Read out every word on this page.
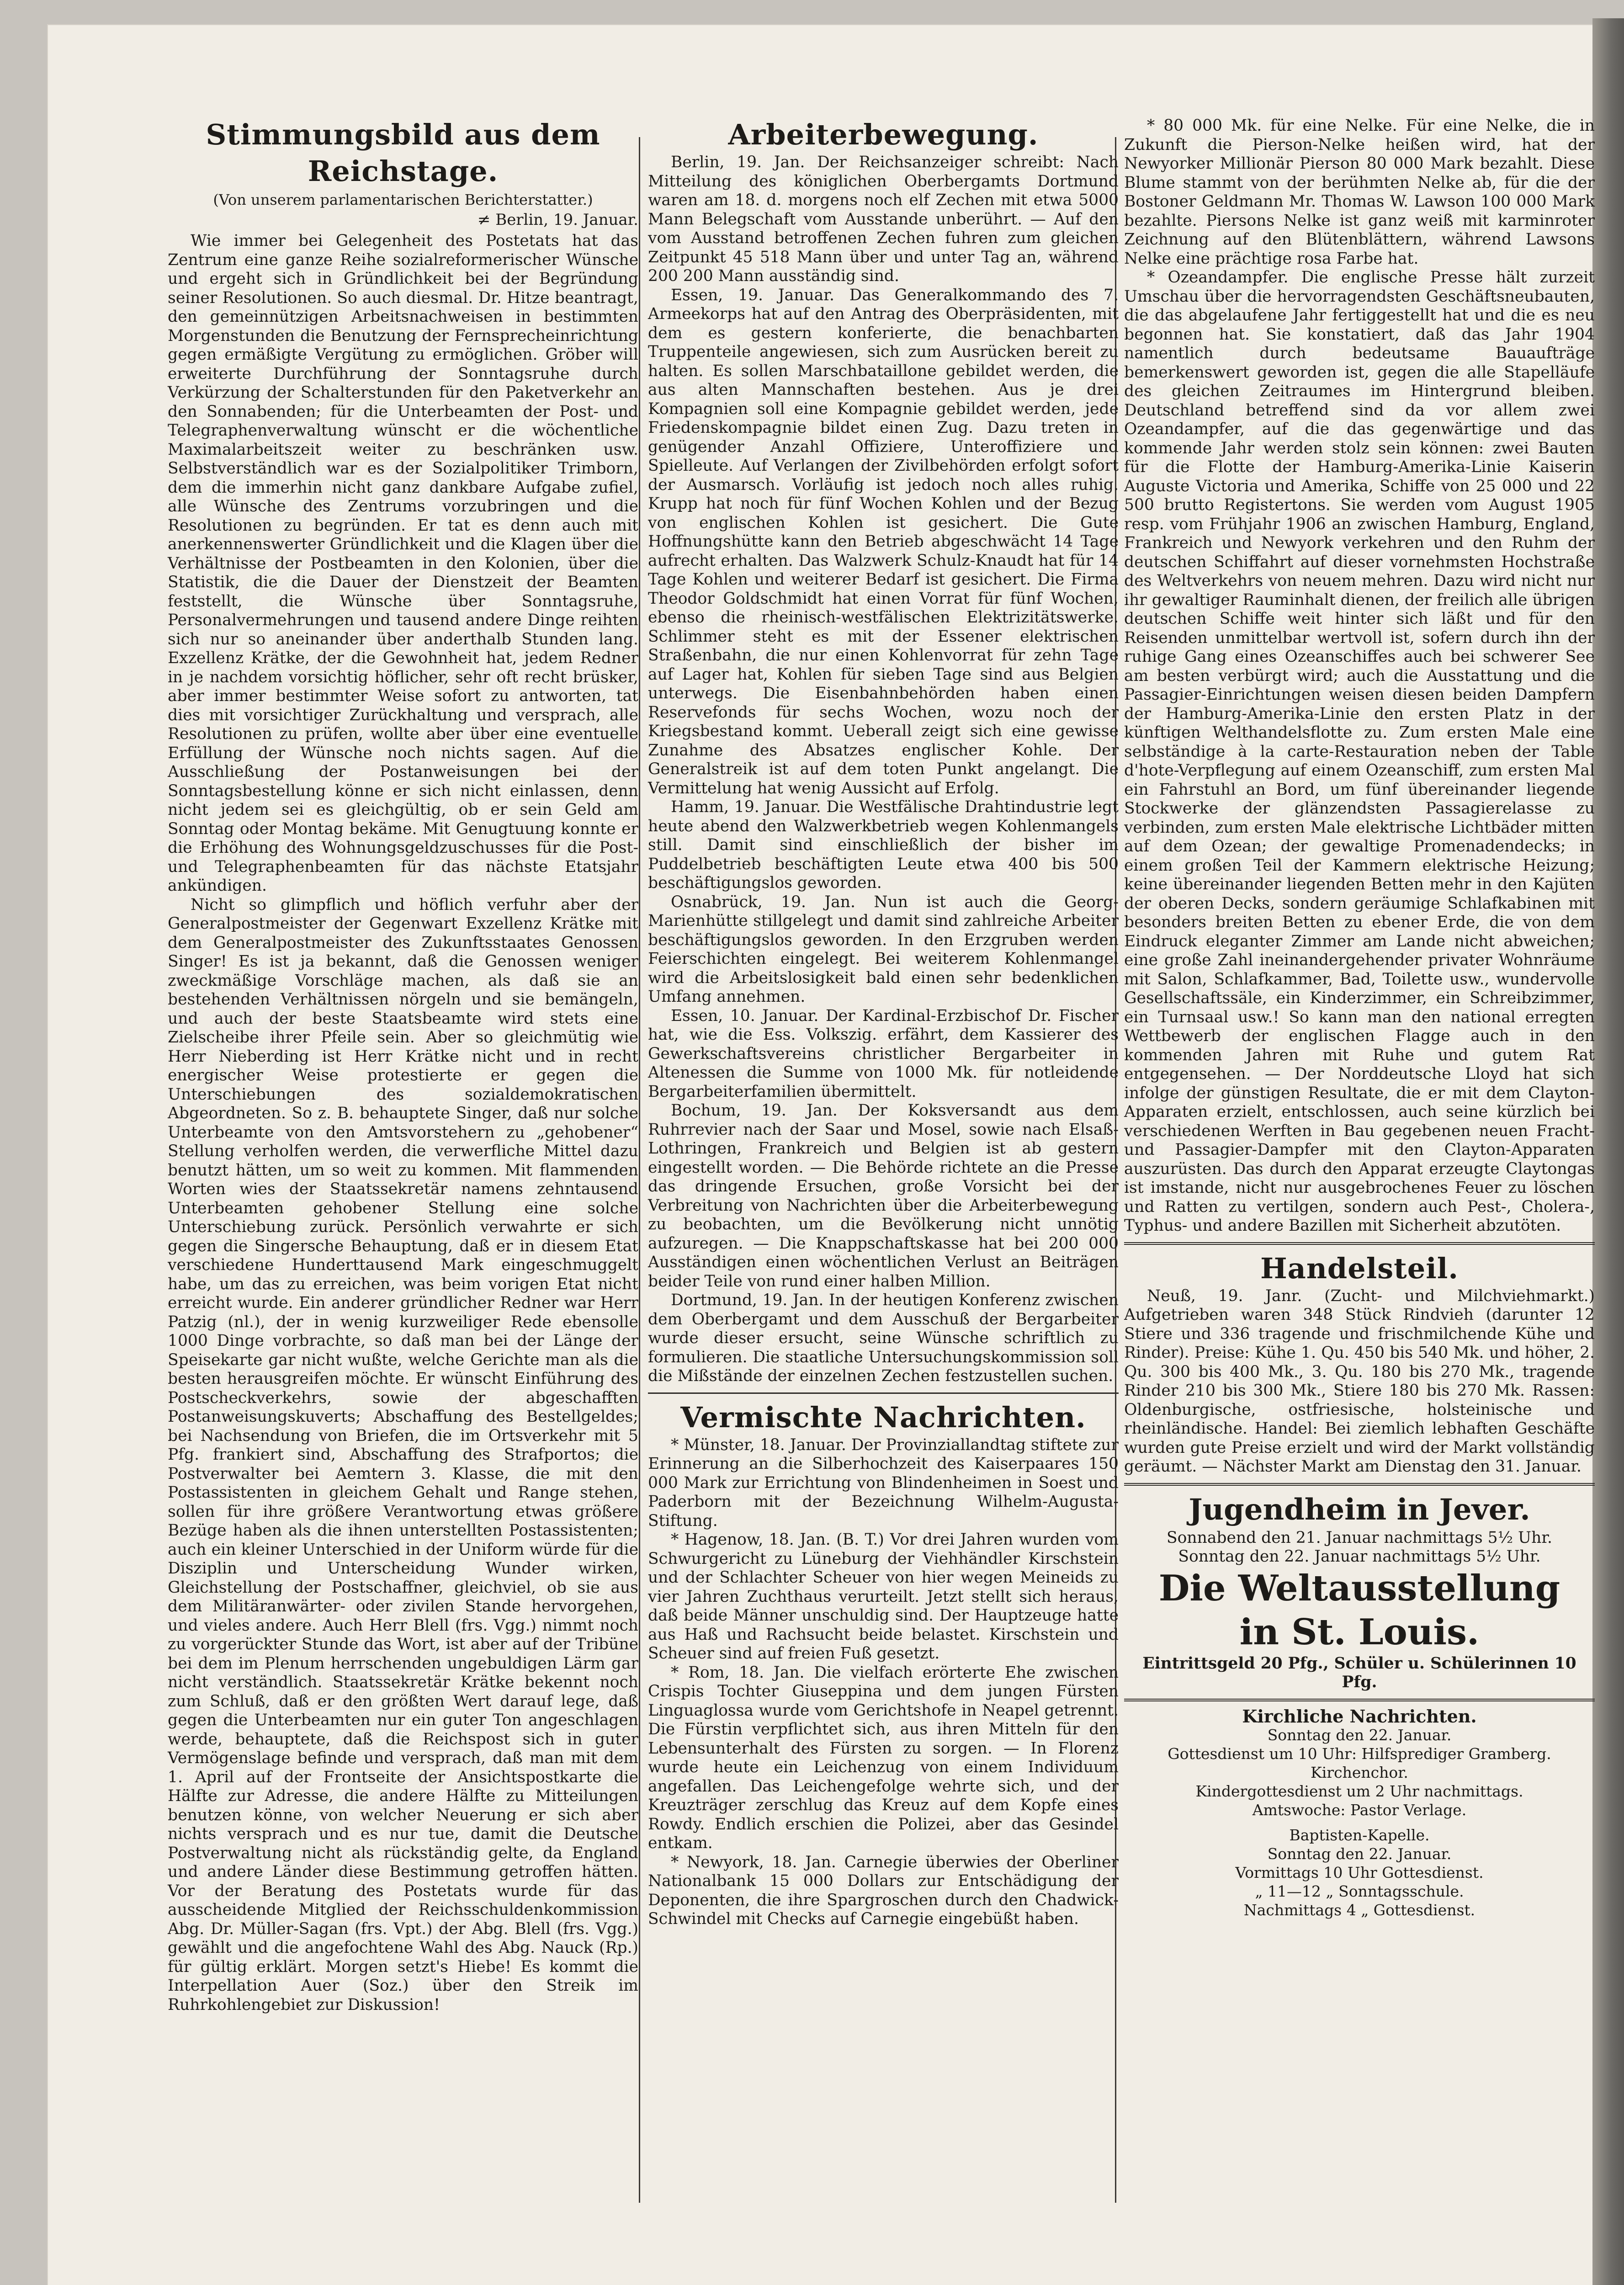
Stimmungsbild aus dem Reichstage.
(Von unserem parlamentarischen Berichterstatter.)
≠ Berlin, 19. Januar.

Wie immer bei Gelegenheit des Postetats hat das Zentrum eine ganze Reihe sozialreformerischer Wünsche und ergeht sich in Gründlichkeit bei der Begründung seiner Resolutionen. So auch diesmal. Dr. Hitze beantragt, den gemeinnützigen Arbeitsnachweisen in bestimmten Morgenstunden die Benutzung der Fernsprecheinrichtung gegen ermäßigte Vergütung zu ermöglichen. Gröber will erweiterte Durchführung der Sonntagsruhe durch Verkürzung der Schalterstunden für den Paketverkehr an den Sonnabenden; für die Unterbeamten der Post- und Telegraphenverwaltung wünscht er die wöchentliche Maximalarbeitszeit weiter zu beschränken usw. Selbstverständlich war es der Sozialpolitiker Trimborn, dem die immerhin nicht ganz dankbare Aufgabe zufiel, alle Wünsche des Zentrums vorzubringen und die Resolutionen zu begründen. Er tat es denn auch mit anerkennenswerter Gründlichkeit und die Klagen über die Verhältnisse der Postbeamten in den Kolonien, über die Statistik, die die Dauer der Dienstzeit der Beamten feststellt, die Wünsche über Sonntagsruhe, Personalvermehrungen und tausend andere Dinge reihten sich nur so aneinander über anderthalb Stunden lang. Exzellenz Krätke, der die Gewohnheit hat, jedem Redner in je nachdem vorsichtig höflicher, sehr oft recht brüsker, aber immer bestimmter Weise sofort zu antworten, tat dies mit vorsichtiger Zurückhaltung und versprach, alle Resolutionen zu prüfen, wollte aber über eine eventuelle Erfüllung der Wünsche noch nichts sagen. Auf die Ausschließung der Postanweisungen bei der Sonntagsbestellung könne er sich nicht einlassen, denn nicht jedem sei es gleichgültig, ob er sein Geld am Sonntag oder Montag bekäme. Mit Genugtuung konnte er die Erhöhung des Wohnungsgeldzuschusses für die Post- und Telegraphenbeamten für das nächste Etatsjahr ankündigen.

Nicht so glimpflich und höflich verfuhr aber der Generalpostmeister der Gegenwart Exzellenz Krätke mit dem Generalpostmeister des Zukunftsstaates Genossen Singer! Es ist ja bekannt, daß die Genossen weniger zweckmäßige Vorschläge machen, als daß sie an bestehenden Verhältnissen nörgeln und sie bemängeln, und auch der beste Staatsbeamte wird stets eine Zielscheibe ihrer Pfeile sein. Aber so gleichmütig wie Herr Nieberding ist Herr Krätke nicht und in recht energischer Weise protestierte er gegen die Unterschiebungen des sozialdemokratischen Abgeordneten. So z. B. behauptete Singer, daß nur solche Unterbeamte von den Amtsvorstehern zu „gehobener“ Stellung verholfen werden, die verwerfliche Mittel dazu benutzt hätten, um so weit zu kommen. Mit flammenden Worten wies der Staatssekretär namens zehntausend Unterbeamten gehobener Stellung eine solche Unterschiebung zurück. Persönlich verwahrte er sich gegen die Singersche Behauptung, daß er in diesem Etat verschiedene Hunderttausend Mark eingeschmuggelt habe, um das zu erreichen, was beim vorigen Etat nicht erreicht wurde. Ein anderer gründlicher Redner war Herr Patzig (nl.), der in wenig kurzweiliger Rede ebensolle 1000 Dinge vorbrachte, so daß man bei der Länge der Speisekarte gar nicht wußte, welche Gerichte man als die besten herausgreifen möchte. Er wünscht Einführung des Postscheckverkehrs, sowie der abgeschafften Postanweisungskuverts; Abschaffung des Bestellgeldes; bei Nachsendung von Briefen, die im Ortsverkehr mit 5 Pfg. frankiert sind, Abschaffung des Strafportos; die Postverwalter bei Aemtern 3. Klasse, die mit den Postassistenten in gleichem Gehalt und Range stehen, sollen für ihre größere Verantwortung etwas größere Bezüge haben als die ihnen unterstellten Postassistenten; auch ein kleiner Unterschied in der Uniform würde für die Disziplin und Unterscheidung Wunder wirken, Gleichstellung der Postschaffner, gleichviel, ob sie aus dem Militäranwärter- oder zivilen Stande hervorgehen, und vieles andere. Auch Herr Blell (frs. Vgg.) nimmt noch zu vorgerückter Stunde das Wort, ist aber auf der Tribüne bei dem im Plenum herrschenden ungebuldigen Lärm gar nicht verständlich. Staatssekretär Krätke bekennt noch zum Schluß, daß er den größten Wert darauf lege, daß gegen die Unterbeamten nur ein guter Ton angeschlagen werde, behauptete, daß die Reichspost sich in guter Vermögenslage befinde und versprach, daß man mit dem 1. April auf der Frontseite der Ansichtspostkarte die Hälfte zur Adresse, die andere Hälfte zu Mitteilungen benutzen könne, von welcher Neuerung er sich aber nichts versprach und es nur tue, damit die Deutsche Postverwaltung nicht als rückständig gelte, da England und andere Länder diese Bestimmung getroffen hätten. Vor der Beratung des Postetats wurde für das ausscheidende Mitglied der Reichsschuldenkommission Abg. Dr. Müller-Sagan (frs. Vpt.) der Abg. Blell (frs. Vgg.) gewählt und die angefochtene Wahl des Abg. Nauck (Rp.) für gültig erklärt. Morgen setzt's Hiebe! Es kommt die Interpellation Auer (Soz.) über den Streik im Ruhrkohlengebiet zur Diskussion!

Arbeiterbewegung.

Berlin, 19. Jan. Der Reichsanzeiger schreibt: Nach Mitteilung des königlichen Oberbergamts Dortmund waren am 18. d. morgens noch elf Zechen mit etwa 5000 Mann Belegschaft vom Ausstande unberührt. — Auf den vom Ausstand betroffenen Zechen fuhren zum gleichen Zeitpunkt 45 518 Mann über und unter Tag an, während 200 200 Mann ausständig sind.

Essen, 19. Januar. Das Generalkommando des 7. Armeekorps hat auf den Antrag des Oberpräsidenten, mit dem es gestern konferierte, die benachbarten Truppenteile angewiesen, sich zum Ausrücken bereit zu halten. Es sollen Marschbataillone gebildet werden, die aus alten Mannschaften bestehen. Aus je drei Kompagnien soll eine Kompagnie gebildet werden, jede Friedenskompagnie bildet einen Zug. Dazu treten in genügender Anzahl Offiziere, Unteroffiziere und Spielleute. Auf Verlangen der Zivilbehörden erfolgt sofort der Ausmarsch. Vorläufig ist jedoch noch alles ruhig. Krupp hat noch für fünf Wochen Kohlen und der Bezug von englischen Kohlen ist gesichert. Die Gute Hoffnungshütte kann den Betrieb abgeschwächt 14 Tage aufrecht erhalten. Das Walzwerk Schulz-Knaudt hat für 14 Tage Kohlen und weiterer Bedarf ist gesichert. Die Firma Theodor Goldschmidt hat einen Vorrat für fünf Wochen, ebenso die rheinisch-westfälischen Elektrizitätswerke. Schlimmer steht es mit der Essener elektrischen Straßenbahn, die nur einen Kohlenvorrat für zehn Tage auf Lager hat, Kohlen für sieben Tage sind aus Belgien unterwegs. Die Eisenbahnbehörden haben einen Reservefonds für sechs Wochen, wozu noch der Kriegsbestand kommt. Ueberall zeigt sich eine gewisse Zunahme des Absatzes englischer Kohle. Der Generalstreik ist auf dem toten Punkt angelangt. Die Vermittelung hat wenig Aussicht auf Erfolg.

Hamm, 19. Januar. Die Westfälische Drahtindustrie legt heute abend den Walzwerkbetrieb wegen Kohlenmangels still. Damit sind einschließlich der bisher im Puddelbetrieb beschäftigten Leute etwa 400 bis 500 beschäftigungslos geworden.

Osnabrück, 19. Jan. Nun ist auch die Georg-Marienhütte stillgelegt und damit sind zahlreiche Arbeiter beschäftigungslos geworden. In den Erzgruben werden Feierschichten eingelegt. Bei weiterem Kohlenmangel wird die Arbeitslosigkeit bald einen sehr bedenklichen Umfang annehmen.

Essen, 10. Januar. Der Kardinal-Erzbischof Dr. Fischer hat, wie die Ess. Volkszig. erfährt, dem Kassierer des Gewerkschaftsvereins christlicher Bergarbeiter in Altenessen die Summe von 1000 Mk. für notleidende Bergarbeiterfamilien übermittelt.

Bochum, 19. Jan. Der Koksversandt aus dem Ruhrrevier nach der Saar und Mosel, sowie nach Elsaß-Lothringen, Frankreich und Belgien ist ab gestern eingestellt worden. — Die Behörde richtete an die Presse das dringende Ersuchen, große Vorsicht bei der Verbreitung von Nachrichten über die Arbeiterbewegung zu beobachten, um die Bevölkerung nicht unnötig aufzuregen. — Die Knappschaftskasse hat bei 200 000 Ausständigen einen wöchentlichen Verlust an Beiträgen beider Teile von rund einer halben Million.

Dortmund, 19. Jan. In der heutigen Konferenz zwischen dem Oberbergamt und dem Ausschuß der Bergarbeiter wurde dieser ersucht, seine Wünsche schriftlich zu formulieren. Die staatliche Untersuchungskommission soll die Mißstände der einzelnen Zechen festzustellen suchen.

Vermischte Nachrichten.

* Münster, 18. Januar. Der Provinziallandtag stiftete zur Erinnerung an die Silberhochzeit des Kaiserpaares 150 000 Mark zur Errichtung von Blindenheimen in Soest und Paderborn mit der Bezeichnung Wilhelm-Augusta-Stiftung.

* Hagenow, 18. Jan. (B. T.) Vor drei Jahren wurden vom Schwurgericht zu Lüneburg der Viehhändler Kirschstein und der Schlachter Scheuer von hier wegen Meineids zu vier Jahren Zuchthaus verurteilt. Jetzt stellt sich heraus, daß beide Männer unschuldig sind. Der Hauptzeuge hatte aus Haß und Rachsucht beide belastet. Kirschstein und Scheuer sind auf freien Fuß gesetzt.

* Rom, 18. Jan. Die vielfach erörterte Ehe zwischen Crispis Tochter Giuseppina und dem jungen Fürsten Linguaglossa wurde vom Gerichtshofe in Neapel getrennt. Die Fürstin verpflichtet sich, aus ihren Mitteln für den Lebensunterhalt des Fürsten zu sorgen. — In Florenz wurde heute ein Leichenzug von einem Individuum angefallen. Das Leichengefolge wehrte sich, und der Kreuzträger zerschlug das Kreuz auf dem Kopfe eines Rowdy. Endlich erschien die Polizei, aber das Gesindel entkam.

* Newyork, 18. Jan. Carnegie überwies der Oberliner Nationalbank 15 000 Dollars zur Entschädigung der Deponenten, die ihre Spargroschen durch den Chadwick-Schwindel mit Checks auf Carnegie eingebüßt haben.

* 80 000 Mk. für eine Nelke. Für eine Nelke, die in Zukunft die Pierson-Nelke heißen wird, hat der Newyorker Millionär Pierson 80 000 Mark bezahlt. Diese Blume stammt von der berühmten Nelke ab, für die der Bostoner Geldmann Mr. Thomas W. Lawson 100 000 Mark bezahlte. Piersons Nelke ist ganz weiß mit karminroter Zeichnung auf den Blütenblättern, während Lawsons Nelke eine prächtige rosa Farbe hat.

* Ozeandampfer. Die englische Presse hält zurzeit Umschau über die hervorragendsten Geschäftsneubauten, die das abgelaufene Jahr fertiggestellt hat und die es neu begonnen hat. Sie konstatiert, daß das Jahr 1904 namentlich durch bedeutsame Bauaufträge bemerkenswert geworden ist, gegen die alle Stapelläufe des gleichen Zeitraumes im Hintergrund bleiben. Deutschland betreffend sind da vor allem zwei Ozeandampfer, auf die das gegenwärtige und das kommende Jahr werden stolz sein können: zwei Bauten für die Flotte der Hamburg-Amerika-Linie Kaiserin Auguste Victoria und Amerika, Schiffe von 25 000 und 22 500 brutto Registertons. Sie werden vom August 1905 resp. vom Frühjahr 1906 an zwischen Hamburg, England, Frankreich und Newyork verkehren und den Ruhm der deutschen Schiffahrt auf dieser vornehmsten Hochstraße des Weltverkehrs von neuem mehren. Dazu wird nicht nur ihr gewaltiger Rauminhalt dienen, der freilich alle übrigen deutschen Schiffe weit hinter sich läßt und für den Reisenden unmittelbar wertvoll ist, sofern durch ihn der ruhige Gang eines Ozeanschiffes auch bei schwerer See am besten verbürgt wird; auch die Ausstattung und die Passagier-Einrichtungen weisen diesen beiden Dampfern der Hamburg-Amerika-Linie den ersten Platz in der künftigen Welthandelsflotte zu. Zum ersten Male eine selbständige à la carte-Restauration neben der Table d'hote-Verpflegung auf einem Ozeanschiff, zum ersten Mal ein Fahrstuhl an Bord, um fünf übereinander liegende Stockwerke der glänzendsten Passagierelasse zu verbinden, zum ersten Male elektrische Lichtbäder mitten auf dem Ozean; der gewaltige Promenadendecks; in einem großen Teil der Kammern elektrische Heizung; keine übereinander liegenden Betten mehr in den Kajüten der oberen Decks, sondern geräumige Schlafkabinen mit besonders breiten Betten zu ebener Erde, die von dem Eindruck eleganter Zimmer am Lande nicht abweichen; eine große Zahl ineinandergehender privater Wohnräume mit Salon, Schlafkammer, Bad, Toilette usw., wundervolle Gesellschaftssäle, ein Kinderzimmer, ein Schreibzimmer, ein Turnsaal usw.! So kann man den national erregten Wettbewerb der englischen Flagge auch in den kommenden Jahren mit Ruhe und gutem Rat entgegensehen. — Der Norddeutsche Lloyd hat sich infolge der günstigen Resultate, die er mit dem Clayton-Apparaten erzielt, entschlossen, auch seine kürzlich bei verschiedenen Werften in Bau gegebenen neuen Fracht- und Passagier-Dampfer mit den Clayton-Apparaten auszurüsten. Das durch den Apparat erzeugte Claytongas ist imstande, nicht nur ausgebrochenes Feuer zu löschen und Ratten zu vertilgen, sondern auch Pest-, Cholera-, Typhus- und andere Bazillen mit Sicherheit abzutöten.

Handelsteil.

Neuß, 19. Janr. (Zucht- und Milchviehmarkt.) Aufgetrieben waren 348 Stück Rindvieh (darunter 12 Stiere und 336 tragende und frischmilchende Kühe und Rinder). Preise: Kühe 1. Qu. 450 bis 540 Mk. und höher, 2. Qu. 300 bis 400 Mk., 3. Qu. 180 bis 270 Mk., tragende Rinder 210 bis 300 Mk., Stiere 180 bis 270 Mk. Rassen: Oldenburgische, ostfriesische, holsteinische und rheinländische. Handel: Bei ziemlich lebhaften Geschäfte wurden gute Preise erzielt und wird der Markt vollständig geräumt. — Nächster Markt am Dienstag den 31. Januar.

Jugendheim in Jever.
Sonnabend den 21. Januar nachmittags 5½ Uhr.
Sonntag den 22. Januar nachmittags 5½ Uhr.
Die Weltausstellung
in St. Louis.
Eintrittsgeld 20 Pfg., Schüler u. Schülerinnen 10 Pfg.
Kirchliche Nachrichten.
Sonntag den 22. Januar.
Gottesdienst um 10 Uhr: Hilfsprediger Gramberg.
Kirchenchor.
Kindergottesdienst um 2 Uhr nachmittags.
Amtswoche: Pastor Verlage.
Baptisten-Kapelle.
Sonntag den 22. Januar.
Vormittags 10 Uhr Gottesdienst.
„ 11—12 „ Sonntagsschule.
Nachmittags 4 „ Gottesdienst.
